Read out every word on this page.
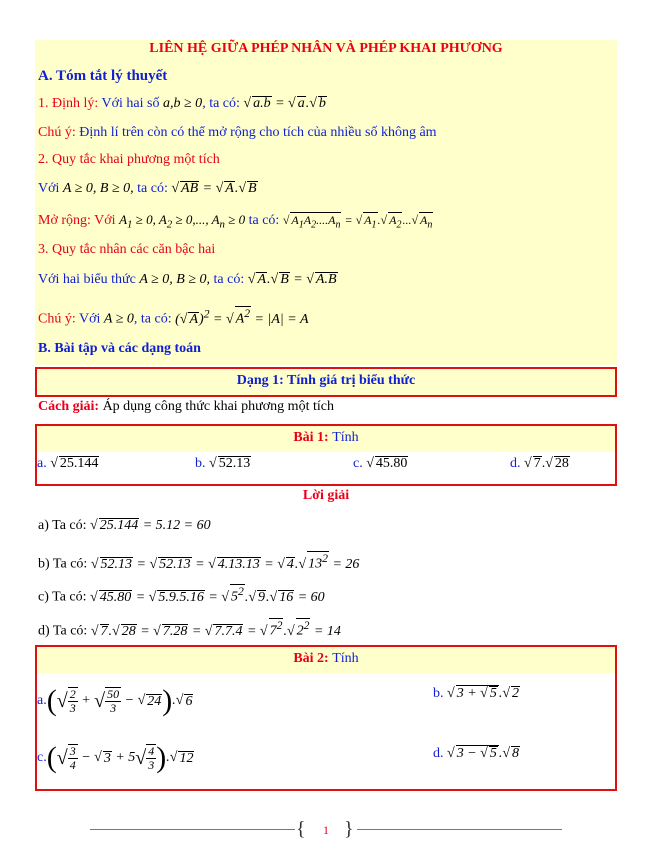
LIÊN HỆ GIỮA PHÉP NHÂN VÀ PHÉP KHAI PHƯƠNG
A. Tóm tắt lý thuyết
1. Định lý: Với hai số a,b ≥ 0, ta có: √ a.b = √ a.√ b
Chú ý: Định lí trên còn có thể mở rộng cho tích của nhiều số không âm
2. Quy tắc khai phương một tích
Với A ≥ 0, B ≥ 0, ta có: √ AB = √ A.√ B
Mở rộng: Với $A_1 \ge 0$, $A_2 \ge 0$,..., $A_n \ge 0$ ta có: √ $A_1A_2....A_n$ = √ $A_1.√$ $A_2...√$ $A_n$
3. Quy tắc nhân các căn bậc hai
Với hai biểu thức A ≥ 0, B ≥ 0, ta có: √ A.√ B = √ A.B
Chú ý: Với A ≥ 0, ta có: (√ A)$^2$ = √ $A^2 = |A| = A$
B. Bài tập và các dạng toán
Dạng 1: Tính giá trị biểu thức
Cách giải: Áp dụng công thức khai phương một tích
Bài 1: Tính
a. √ 25.144	b. √ 52.13	c. √ 45.80	d. √ 7.√ 28
Lời giải
a) Ta có: √ 25.144 = 5.12 = 60
b) Ta có: √ 52.13 = √ 52.13 = √ 4.13.13 = √ 4.√ $13^2 = 26$
c) Ta có: √ 45.80 = √ 5.9.5.16 = √ $5^2.√$ 9.√ 16 = 60
d) Ta có: √ 7.√ 28 = √ 7.28 = √ 7.7.4 = √ $7^2.√$ $2^2 = 14$
Bài 2: Tính
a. ( √ $\frac{2}{3}$ + √ $\frac{50}{3}$ − √ 24 ) . √ 6	b. √ 3 + √ 5 .√ 2
c. ( √ $\frac{3}{4}$ − √ 3 + 5 √ $\frac{4}{3}$ ) . √ 12	d. √ 3 − √ 5 .√ 8
{ }
1
